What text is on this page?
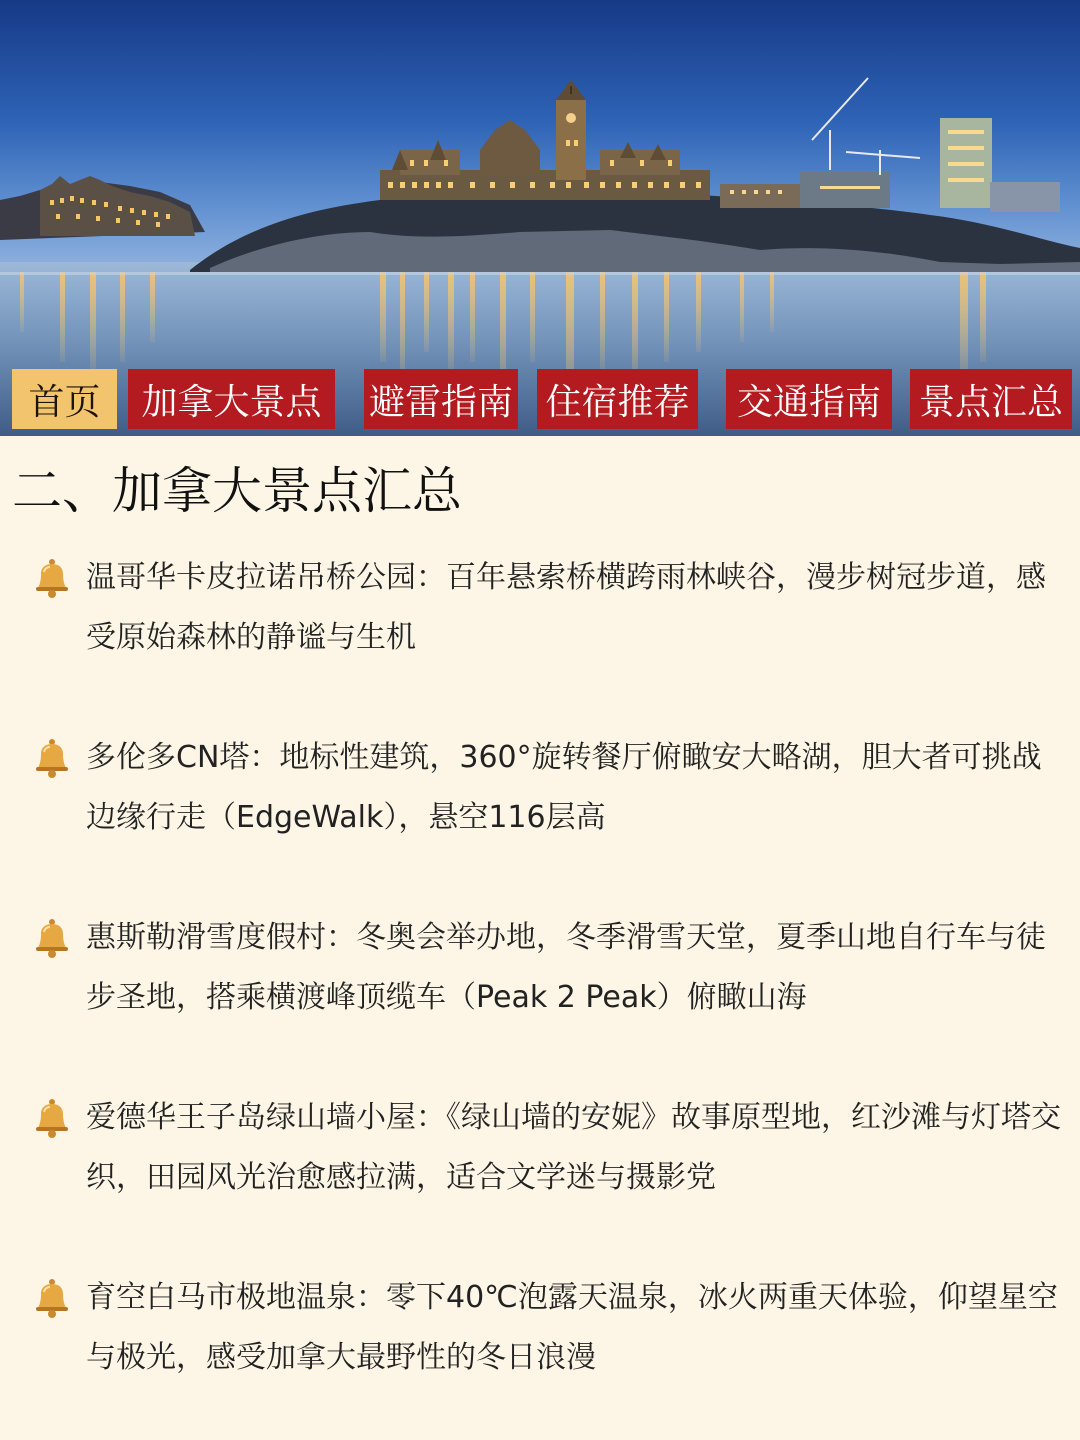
首页	加拿大景点	避雷指南 住宿推荐	交通指南	景点汇总
二、加拿大景点汇总
温哥华卡皮拉诺吊桥公园：百年悬索桥横跨雨林峡谷，漫步树冠步道，感受原始森林的静谧与生机
多伦多CN塔：地标性建筑，360°旋转餐厅俯瞰安大略湖，胆大者可挑战边缘行走（EdgeWalk），悬空116层高
惠斯勒滑雪度假村：冬奥会举办地，冬季滑雪天堂，夏季山地自行车与徒步圣地，搭乘横渡峰顶缆车（Peak 2 Peak）俯瞰山海
爱德华王子岛绿山墙小屋：《绿山墙的安妮》故事原型地，红沙滩与灯塔交织，田园风光治愈感拉满，适合文学迷与摄影党
育空白马市极地温泉：零下40℃泡露天温泉，冰火两重天体验，仰望星空与极光，感受加拿大最野性的冬日浪漫
